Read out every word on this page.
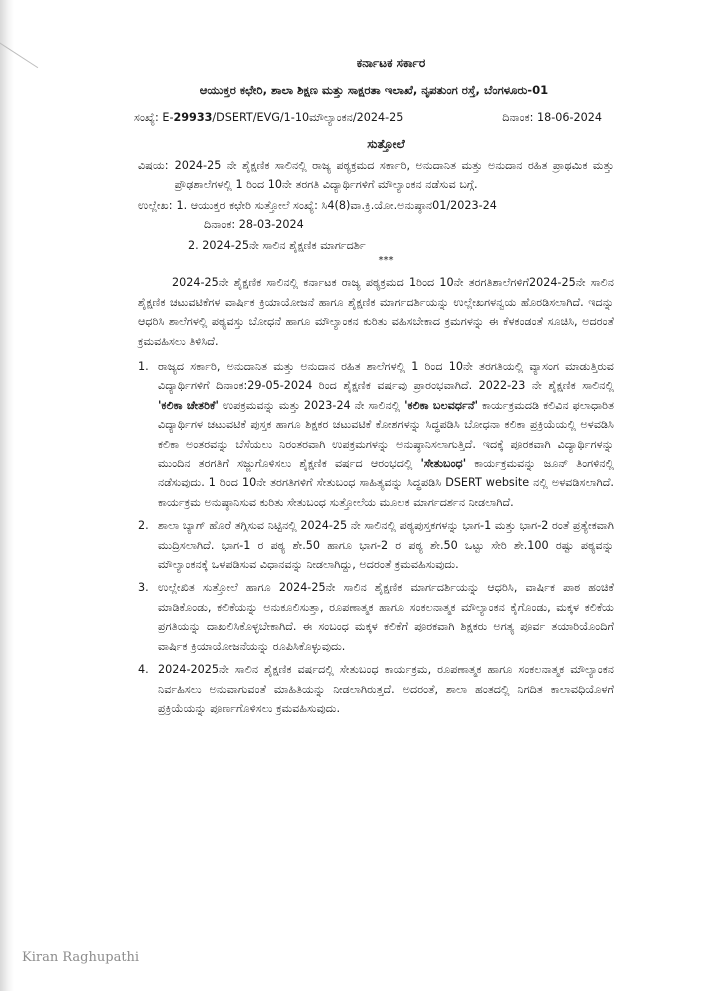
ಕರ್ನಾಟಕ ಸರ್ಕಾರ
ಆಯುಕ್ತರ ಕಛೇರಿ, ಶಾಲಾ ಶಿಕ್ಷಣ ಮತ್ತು ಸಾಕ್ಷರತಾ ಇಲಾಖೆ, ನೃಪತುಂಗ ರಸ್ತೆ, ಬೆಂಗಳೂರು-01
ಸಂಖ್ಯೆ: E-29933/DSERT/EVG/1-10ಮೌಲ್ಯಾಂಕನ/2024-25	ದಿನಾಂಕ: 18-06-2024
ಸುತ್ತೋಲೆ
ವಿಷಯ: 2024-25 ನೇ ಶೈಕ್ಷಣಿಕ ಸಾಲಿನಲ್ಲಿ ರಾಜ್ಯ ಪಠ್ಯಕ್ರಮದ ಸರ್ಕಾರಿ, ಅನುದಾನಿತ ಮತ್ತು ಅನುದಾನ ರಹಿತ ಪ್ರಾಥಮಿಕ ಮತ್ತು ಪ್ರೌಢಶಾಲೆಗಳಲ್ಲಿ 1 ರಿಂದ 10ನೇ ತರಗತಿ ವಿದ್ಯಾರ್ಥಿಗಳಿಗೆ ಮೌಲ್ಯಾಂಕನ ನಡೆಸುವ ಬಗ್ಗೆ.
ಉಲ್ಲೇಖ: 1. ಆಯುಕ್ತರ ಕಛೇರಿ ಸುತ್ತೋಲೆ ಸಂಖ್ಯೆ: ಸಿ4(8)ವಾ.ಕ್ರಿ.ಯೋ.ಅನುಷ್ಠಾನ01/2023-24
ದಿನಾಂಕ: 28-03-2024
2. 2024-25ನೇ ಸಾಲಿನ ಶೈಕ್ಷಣಿಕ ಮಾರ್ಗದರ್ಶಿ
***

2024-25ನೇ ಶೈಕ್ಷಣಿಕ ಸಾಲಿನಲ್ಲಿ ಕರ್ನಾಟಕ ರಾಜ್ಯ ಪಠ್ಯಕ್ರಮದ 1ರಿಂದ 10ನೇ ತರಗತಿಶಾಲೆಗಳಿಗೆ2024-25ನೇ ಸಾಲಿನ ಶೈಕ್ಷಣಿಕ ಚಟುವಟಿಕೆಗಳ ವಾರ್ಷಿಕ ಕ್ರಿಯಾಯೋಜನೆ ಹಾಗೂ ಶೈಕ್ಷಣಿಕ ಮಾರ್ಗದರ್ಶಿಯನ್ನು ಉಲ್ಲೇಖಗಳನ್ವಯ ಹೊರಡಿಸಲಾಗಿದೆ. ಇದನ್ನು ಆಧರಿಸಿ ಶಾಲೆಗಳಲ್ಲಿ ಪಠ್ಯವಸ್ತು ಬೋಧನೆ ಹಾಗೂ ಮೌಲ್ಯಾಂಕನ ಕುರಿತು ವಹಿಸಬೇಕಾದ ಕ್ರಮಗಳನ್ನು ಈ ಕೆಳಕಂಡಂತೆ ಸೂಚಿಸಿ, ಅದರಂತೆ ಕ್ರಮವಹಿಸಲು ತಿಳಿಸಿದೆ.

1. ರಾಜ್ಯದ ಸರ್ಕಾರಿ, ಅನುದಾನಿತ ಮತ್ತು ಅನುದಾನ ರಹಿತ ಶಾಲೆಗಳಲ್ಲಿ 1 ರಿಂದ 10ನೇ ತರಗತಿಯಲ್ಲಿ ವ್ಯಾಸಂಗ ಮಾಡುತ್ತಿರುವ ವಿದ್ಯಾರ್ಥಿಗಳಿಗೆ ದಿನಾಂಕ:29-05-2024 ರಿಂದ ಶೈಕ್ಷಣಿಕ ವರ್ಷವು ಪ್ರಾರಂಭವಾಗಿದೆ. 2022-23 ನೇ ಶೈಕ್ಷಣಿಕ ಸಾಲಿನಲ್ಲಿ 'ಕಲಿಕಾ ಚೇತರಿಕೆ' ಉಪಕ್ರಮವನ್ನು ಮತ್ತು 2023-24 ನೇ ಸಾಲಿನಲ್ಲಿ 'ಕಲಿಕಾ ಬಲವರ್ಧನೆ' ಕಾರ್ಯಕ್ರಮದಡಿ ಕಲಿವಿನ ಫಲಾಧಾರಿತ ವಿದ್ಯಾರ್ಥಿಗಳ ಚಟುವಟಿಕೆ ಪುಸ್ತಕ ಹಾಗೂ ಶಿಕ್ಷಕರ ಚಟುವಟಿಕೆ ಕೋಶಗಳನ್ನು ಸಿದ್ಧಪಡಿಸಿ ಬೋಧನಾ ಕಲಿಕಾ ಪ್ರಕ್ರಿಯೆಯಲ್ಲಿ ಅಳವಡಿಸಿ ಕಲಿಕಾ ಅಂತರವನ್ನು ಬೆಸೆಯಲು ನಿರಂತರವಾಗಿ ಉಪಕ್ರಮಗಳನ್ನು ಅನುಷ್ಠಾನಿಸಲಾಗುತ್ತಿದೆ. ಇದಕ್ಕೆ ಪೂರಕವಾಗಿ ವಿದ್ಯಾರ್ಥಿಗಳನ್ನು ಮುಂದಿನ ತರಗತಿಗೆ ಸಜ್ಜುಗೊಳಿಸಲು ಶೈಕ್ಷಣಿಕ ವರ್ಷದ ಆರಂಭದಲ್ಲಿ 'ಸೇತುಬಂಧ' ಕಾರ್ಯಕ್ರಮವನ್ನು ಜೂನ್ ತಿಂಗಳಿನಲ್ಲಿ ನಡೆಸುವುದು. 1 ರಿಂದ 10ನೇ ತರಗತಿಗಳಿಗೆ ಸೇತುಬಂಧ ಸಾಹಿತ್ಯವನ್ನು ಸಿದ್ಧಪಡಿಸಿ DSERT website ನಲ್ಲಿ ಅಳವಡಿಸಲಾಗಿದೆ. ಕಾರ್ಯಕ್ರಮ ಅನುಷ್ಠಾನಿಸುವ ಕುರಿತು ಸೇತುಬಂಧ ಸುತ್ತೋಲೆಯ ಮೂಲಕ ಮಾರ್ಗದರ್ಶನ ನೀಡಲಾಗಿದೆ.
2. ಶಾಲಾ ಬ್ಯಾಗ್ ಹೊರೆ ತಗ್ಗಿಸುವ ನಿಟ್ಟಿನಲ್ಲಿ 2024-25 ನೇ ಸಾಲಿನಲ್ಲಿ ಪಠ್ಯಪುಸ್ತಕಗಳನ್ನು ಭಾಗ-1 ಮತ್ತು ಭಾಗ-2 ರಂತೆ ಪ್ರತ್ಯೇಕವಾಗಿ ಮುದ್ರಿಸಲಾಗಿದೆ. ಭಾಗ-1 ರ ಪಠ್ಯ ಶೇ.50 ಹಾಗೂ ಭಾಗ-2 ರ ಪಠ್ಯ ಶೇ.50 ಒಟ್ಟು ಸೇರಿ ಶೇ.100 ರಷ್ಟು ಪಠ್ಯವನ್ನು ಮೌಲ್ಯಾಂಕನಕ್ಕೆ ಒಳಪಡಿಸುವ ವಿಧಾನವನ್ನು ನೀಡಲಾಗಿದ್ದು, ಅದರಂತೆ ಕ್ರಮವಹಿಸುವುದು.
3. ಉಲ್ಲೇಖಿತ ಸುತ್ತೋಲೆ ಹಾಗೂ 2024-25ನೇ ಸಾಲಿನ ಶೈಕ್ಷಣಿಕ ಮಾರ್ಗದರ್ಶಿಯನ್ನು ಆಧರಿಸಿ, ವಾರ್ಷಿಕ ಪಾಠ ಹಂಚಿಕೆ ಮಾಡಿಕೊಂಡು, ಕಲಿಕೆಯನ್ನು ಅನುಕೂಲಿಸುತ್ತಾ, ರೂಪಣಾತ್ಮಕ ಹಾಗೂ ಸಂಕಲನಾತ್ಮಕ ಮೌಲ್ಯಾಂಕನ ಕೈಗೊಂಡು, ಮಕ್ಕಳ ಕಲಿಕೆಯ ಪ್ರಗತಿಯನ್ನು ದಾಖಲಿಸಿಕೊಳ್ಳಬೇಕಾಗಿದೆ. ಈ ಸಂಬಂಧ ಮಕ್ಕಳ ಕಲಿಕೆಗೆ ಪೂರಕವಾಗಿ ಶಿಕ್ಷಕರು ಅಗತ್ಯ ಪೂರ್ವ ತಯಾರಿಯೊಂದಿಗೆ ವಾರ್ಷಿಕ ಕ್ರಿಯಾಯೋಜನೆಯನ್ನು ರೂಪಿಸಿಕೊಳ್ಳುವುದು.
4. 2024-2025ನೇ ಸಾಲಿನ ಶೈಕ್ಷಣಿಕ ವರ್ಷದಲ್ಲಿ ಸೇತುಬಂಧ ಕಾರ್ಯಕ್ರಮ, ರೂಪಣಾತ್ಮಕ ಹಾಗೂ ಸಂಕಲನಾತ್ಮಕ ಮೌಲ್ಯಾಂಕನ ನಿರ್ವಹಿಸಲು ಅನುವಾಗುವಂತೆ ಮಾಹಿತಿಯನ್ನು ನೀಡಲಾಗಿರುತ್ತದೆ. ಅದರಂತೆ, ಶಾಲಾ ಹಂತದಲ್ಲಿ ನಿಗದಿತ ಕಾಲಾವಧಿಯೊಳಗೆ ಪ್ರಕ್ರಿಯೆಯನ್ನು ಪೂರ್ಣಗೊಳಿಸಲು ಕ್ರಮವಹಿಸುವುದು.
Kiran Raghupathi
